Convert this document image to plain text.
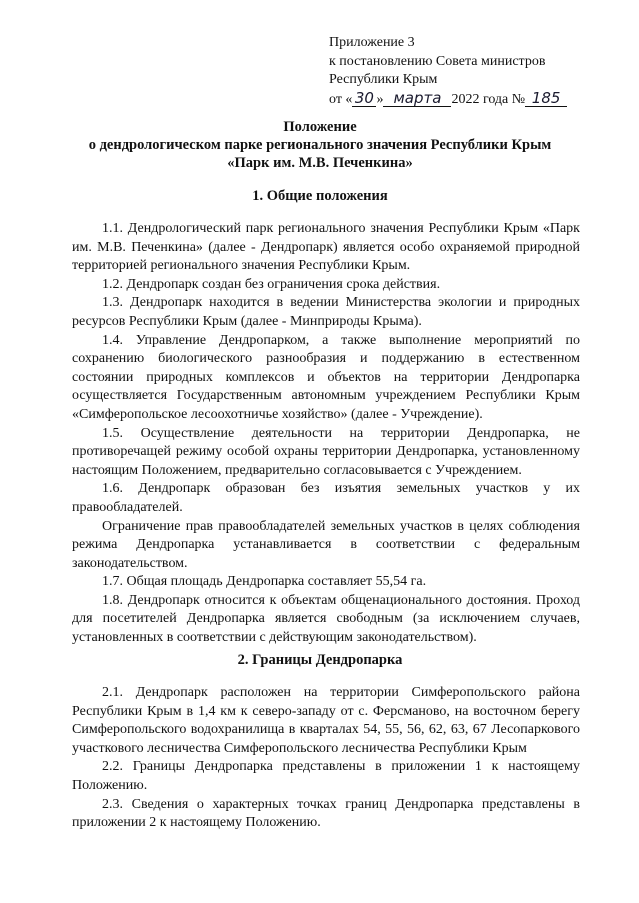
Приложение 3
к постановлению Совета министров
Республики Крым
от « 30 » марта 2022 года № 185
Положение
о дендрологическом парке регионального значения Республики Крым
«Парк им. М.В. Печенкина»
1. Общие положения

1.1. Дендрологический парк регионального значения Республики Крым «Парк им. М.В. Печенкина» (далее - Дендропарк) является особо охраняемой природной территорией регионального значения Республики Крым.

1.2. Дендропарк создан без ограничения срока действия.

1.3. Дендропарк находится в ведении Министерства экологии и природных ресурсов Республики Крым (далее - Минприроды Крыма).

1.4. Управление Дендропарком, а также выполнение мероприятий по сохранению биологического разнообразия и поддержанию в естественном состоянии природных комплексов и объектов на территории Дендропарка осуществляется Государственным автономным учреждением Республики Крым «Симферопольское лесоохотничье хозяйство» (далее - Учреждение).

1.5. Осуществление деятельности на территории Дендропарка, не противоречащей режиму особой охраны территории Дендропарка, установленному настоящим Положением, предварительно согласовывается с Учреждением.

1.6. Дендропарк образован без изъятия земельных участков у их правообладателей.

Ограничение прав правообладателей земельных участков в целях соблюдения режима Дендропарка устанавливается в соответствии с федеральным законодательством.

1.7. Общая площадь Дендропарка составляет 55,54 га.

1.8. Дендропарк относится к объектам общенационального достояния. Проход для посетителей Дендропарка является свободным (за исключением случаев, установленных в соответствии с действующим законодательством).

2. Границы Дендропарка

2.1. Дендропарк расположен на территории Симферопольского района Республики Крым в 1,4 км к северо-западу от с. Ферсманово, на восточном берегу Симферопольского водохранилища в кварталах 54, 55, 56, 62, 63, 67 Лесопаркового участкового лесничества Симферопольского лесничества Республики Крым

2.2. Границы Дендропарка представлены в приложении 1 к настоящему Положению.

2.3. Сведения о характерных точках границ Дендропарка представлены в приложении 2 к настоящему Положению.
